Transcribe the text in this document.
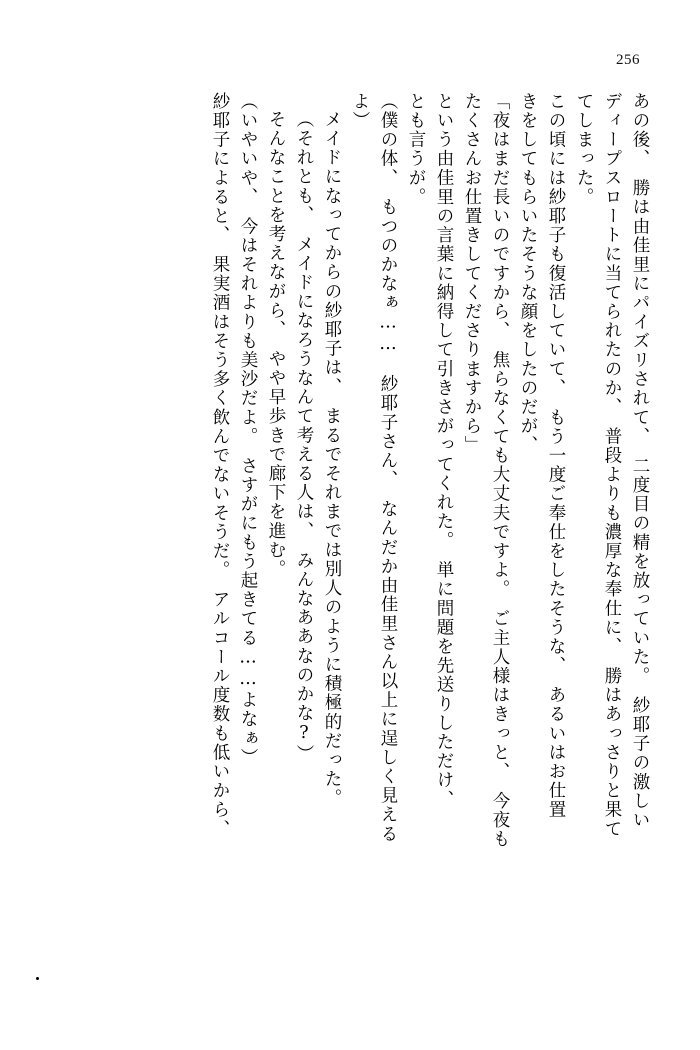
256
あの後、　勝は由佳里にパイズリされて、　二度目の精を放っていた。　紗耶子の激しい
ディープスロートに当てられたのか、　普段よりも濃厚な奉仕に、　勝はあっさりと果て
てしまった。
この頃には紗耶子も復活していて、　もう一度ご奉仕をしたそうな、　あるいはお仕置
きをしてもらいたそうな顔をしたのだが、
「夜はまだ長いのですから、　焦らなくても大丈夫ですよ。　ご主人様はきっと、　今夜も
たくさんお仕置きしてくださりますから」
という由佳里の言葉に納得して引きさがってくれた。　単に問題を先送りしただけ、
とも言うが。
（僕の体、　もつのかなぁ……　紗耶子さん、　なんだか由佳里さん以上に逞しく見える
よ）
メイドになってからの紗耶子は、　まるでそれまでは別人のように積極的だった。
（それとも、　メイドになろうなんて考える人は、　みんなああなのかな?）
そんなことを考えながら、　やや早歩きで廊下を進む。
（いやいや、　今はそれよりも美沙だよ。　さすがにもう起きてる……よなぁ）
紗耶子によると、　果実酒はそう多く飲んでないそうだ。　アルコール度数も低いから、
